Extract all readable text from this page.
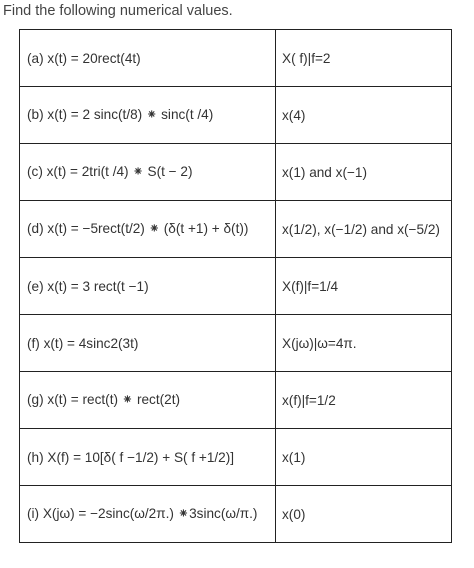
Find the following numerical values.
(a) x(t) = 20rect(4t)	X( f)|f=2
(b) x(t) = 2 sinc(t/8) ⁕ sinc(t /4)	x(4)
(c) x(t) = 2tri(t /4) ⁕ S(t − 2)	x(1) and x(−1)
(d) x(t) = −5rect(t/2) ⁕ (δ(t +1) + δ(t))	x(1/2), x(−1/2) and x(−5/2)
(e) x(t) = 3 rect(t −1)	X(f)|f=1/4
(f) x(t) = 4sinc2(3t)	X(jω)|ω=4π.
(g) x(t) = rect(t) ⁕ rect(2t)	x(f)|f=1/2
(h) X(f) = 10[δ( f −1/2) + S( f +1/2)]	x(1)
(i) X(jω) = −2sinc(ω/2π.) ⁕3sinc(ω/π.)	x(0)
